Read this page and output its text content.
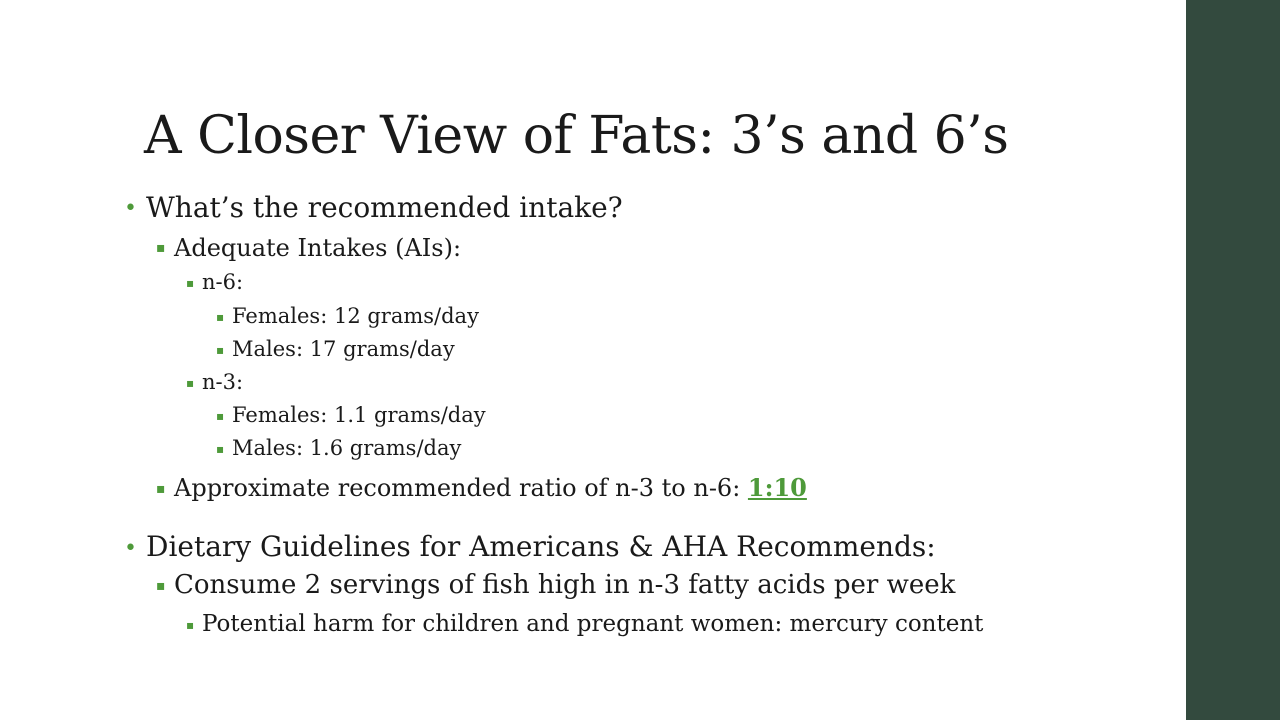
A Closer View of Fats: 3’s and 6’s
• What’s the recommended intake?
▪ Adequate Intakes (AIs):
▪ n-6:
▪ Females: 12 grams/day
▪ Males: 17 grams/day
▪ n-3:
▪ Females: 1.1 grams/day
▪ Males: 1.6 grams/day
▪ Approximate recommended ratio of n-3 to n-6: 1:10
• Dietary Guidelines for Americans & AHA Recommends:
▪ Consume 2 servings of fish high in n-3 fatty acids per week
▪ Potential harm for children and pregnant women: mercury content
